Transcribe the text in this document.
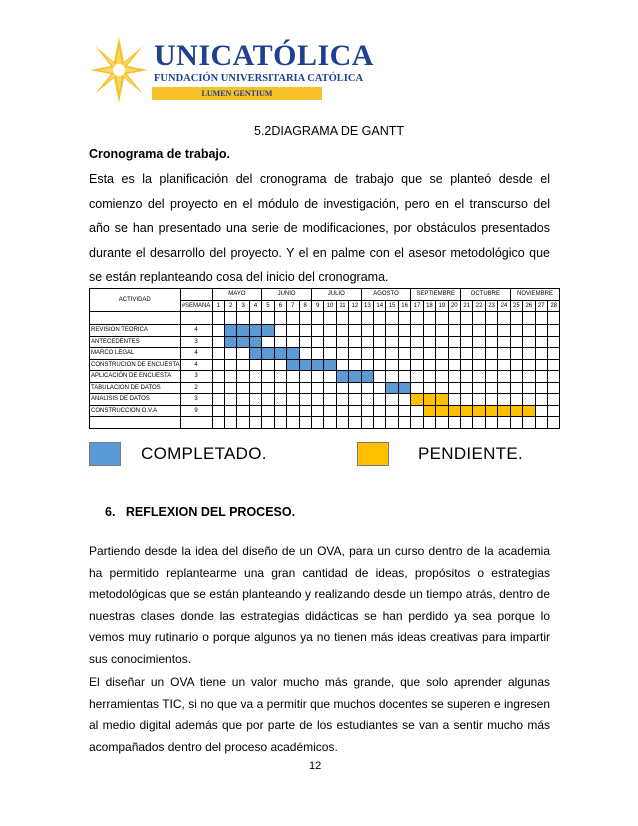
UNICATÓLICA
FUNDACIÓN UNIVERSITARIA CATÓLICA
LUMEN GENTIUM
5.2DIAGRAMA DE GANTT
Cronograma de trabajo.
Esta es la planificación del cronograma de trabajo que se planteó desde el comienzo del proyecto en el módulo de investigación, pero en el transcurso del año se han presentado una serie de modificaciones, por obstáculos presentados durante el desarrollo del proyecto. Y el en palme con el asesor metodológico que se están replanteando cosa del inicio del cronograma.
ACTIVIDAD		MAYO				JUNIO				JULIO				AGOSTO				SEPTIEMBRE				OCTUBRE				NOVIEMBRE			
	#SEMANA	1	2	3	4	5	6	7	8	9	10	11	12	13	14	15	16	17	18	19	20	21	22	23	24	25	26	27	28

REVISION TEORICA	4																												
ANTECEDENTES	3																												
MARCO LEGAL	4																												
CONSTRUCION DE ENCUESTA	4																												
APLICACIÓN DE ENCUESTA	3																												
TABULACION DE DATOS	2																												
ANALISIS DE DATOS	3																												
CONSTRUCCION O.V.A	9																												

COMPLETADO.	PENDIENTE.
6.   REFLEXION DEL PROCESO.
Partiendo desde la idea del diseño de un OVA, para un curso dentro de la academia ha permitido replantearme una gran cantidad de ideas, propósitos o estrategias metodológicas que se están planteando y realizando desde un tiempo atrás, dentro de nuestras clases donde las estrategias didácticas se han perdido ya sea porque lo vemos muy rutinario o porque algunos ya no tienen más ideas creativas para impartir sus conocimientos.
El diseñar un OVA tiene un valor mucho más grande, que solo aprender algunas herramientas TIC, si no que va a permitir que muchos docentes se superen e ingresen al medio digital además que por parte de los estudiantes se van a sentir mucho más acompañados dentro del proceso académicos.
12
